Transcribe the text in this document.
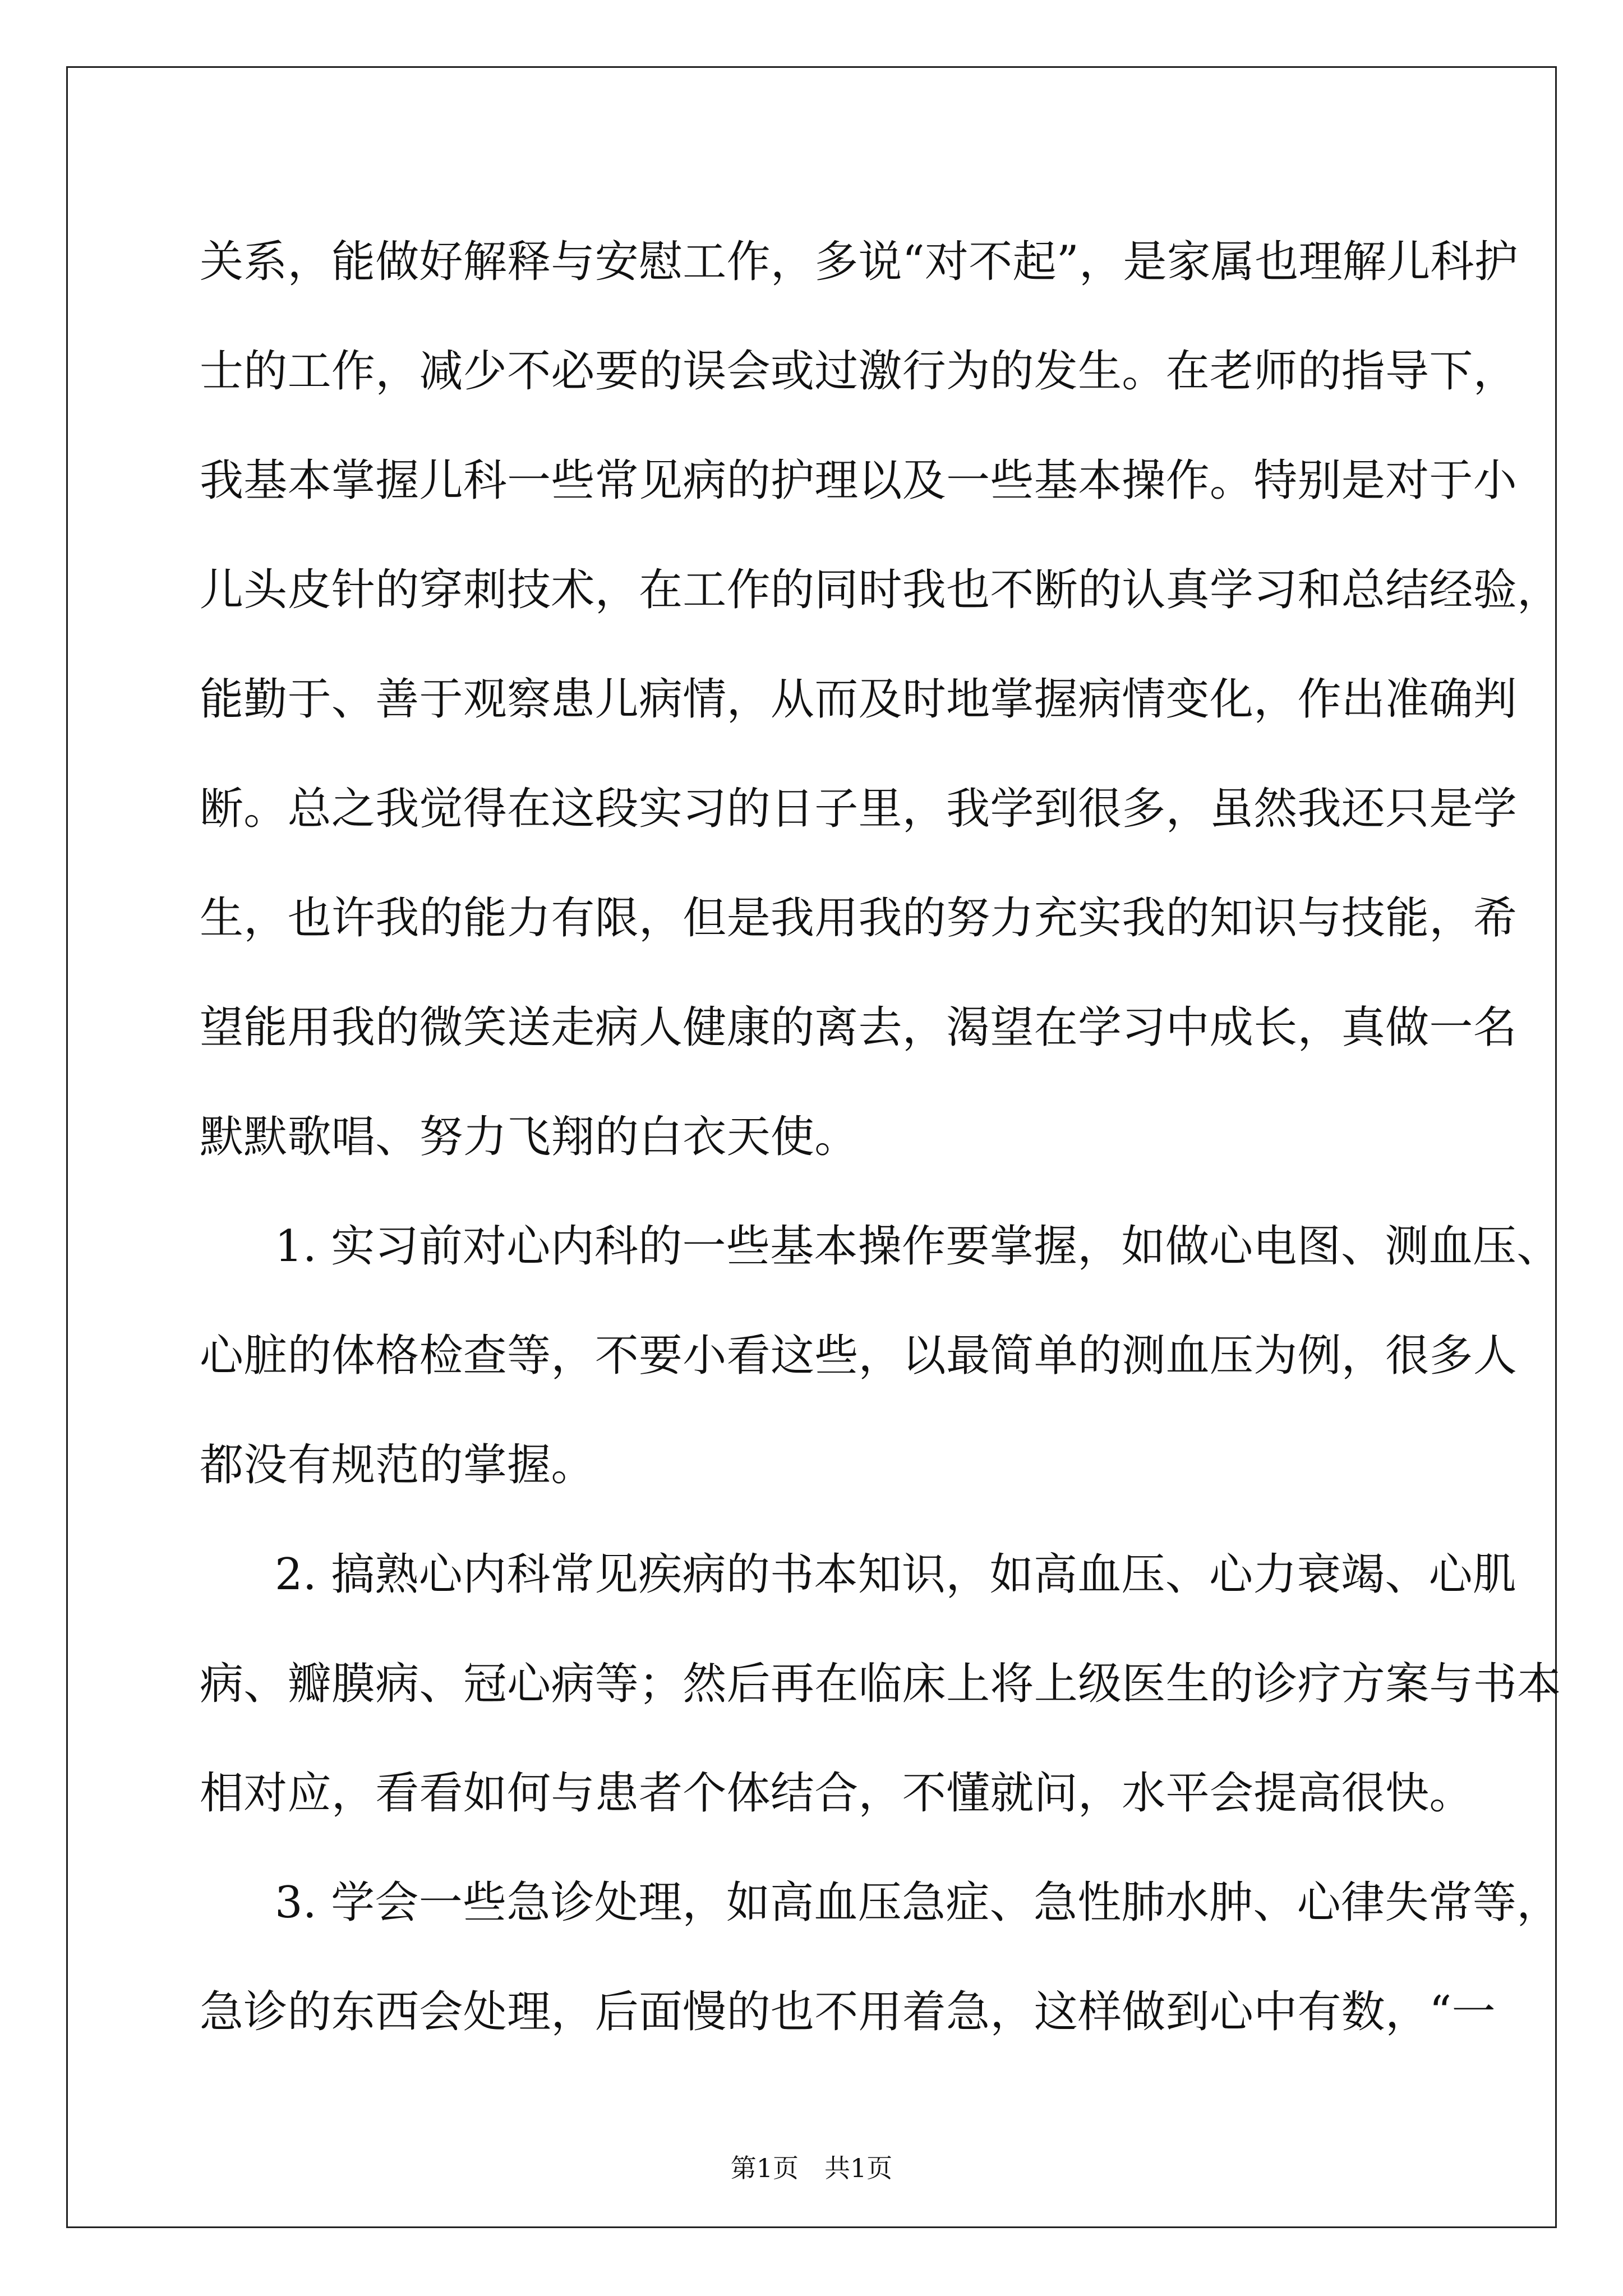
关系，能做好解释与安慰工作，多说“对不起”，是家属也理解儿科护
士的工作，减少不必要的误会或过激行为的发生。在老师的指导下，
我基本掌握儿科一些常见病的护理以及一些基本操作。特别是对于小
儿头皮针的穿刺技术，在工作的同时我也不断的认真学习和总结经验，
能勤于、善于观察患儿病情，从而及时地掌握病情变化，作出准确判
断。总之我觉得在这段实习的日子里，我学到很多，虽然我还只是学
生，也许我的能力有限，但是我用我的努力充实我的知识与技能，希
望能用我的微笑送走病人健康的离去，渴望在学习中成长，真做一名
默默歌唱、努力飞翔的白衣天使。
1. 实习前对心内科的一些基本操作要掌握，如做心电图、测血压、
心脏的体格检查等，不要小看这些，以最简单的测血压为例，很多人
都没有规范的掌握。
2. 搞熟心内科常见疾病的书本知识，如高血压、心力衰竭、心肌
病、瓣膜病、冠心病等；然后再在临床上将上级医生的诊疗方案与书本
相对应，看看如何与患者个体结合，不懂就问，水平会提高很快。
3. 学会一些急诊处理，如高血压急症、急性肺水肿、心律失常等，
急诊的东西会处理，后面慢的也不用着急，这样做到心中有数，“一
第1页　共1页
